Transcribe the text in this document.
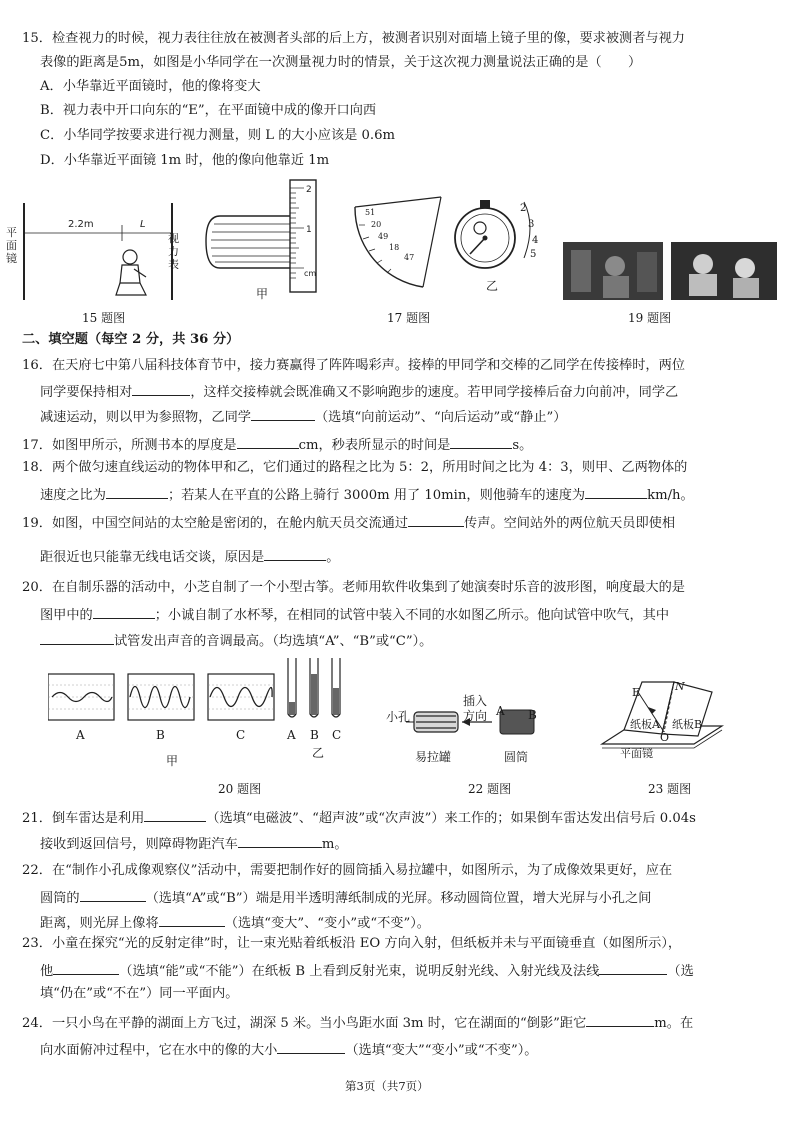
15．检查视力的时候，视力表往往放在被测者头部的后上方，被测者识别对面墙上镜子里的像，要求被测者与视力
表像的距离是5m，如图是小华同学在一次测量视力时的情景，关于这次视力测量说法正确的是（　　）
A．小华靠近平面镜时，他的像将变大
B．视力表中开口向东的“E”，在平面镜中成的像开口向西
C．小华同学按要求进行视力测量，则 L 的大小应该是 0.6m
D．小华靠近平面镜 1m 时，他的像向他靠近 1m
2.2m	L
平面镜
视力表
15 题图
2
1
cm
甲
51
20
49
18
47
2
3
4
5
乙
17 题图	19 题图
二、填空题（每空 2 分，共 36 分）
16．在天府七中第八届科技体育节中，接力赛赢得了阵阵喝彩声。接棒的甲同学和交棒的乙同学在传接棒时，两位
同学要保持相对	，这样交接棒就会既准确又不影响跑步的速度。若甲同学接棒后奋力向前冲，同学乙
减速运动，则以甲为参照物，乙同学	（选填“向前运动”、“向后运动”或“静止”）
17．如图甲所示，所测书本的厚度是	cm，秒表所显示的时间是	s。
18．两个做匀速直线运动的物体甲和乙，它们通过的路程之比为 5：2，所用时间之比为 4：3，则甲、乙两物体的
速度之比为	；若某人在平直的公路上骑行 3000m 用了 10min，则他骑车的速度为	km/h。
19．如图，中国空间站的太空舱是密闭的，在舱内航天员交流通过	传声。空间站外的两位航天员即使相
距很近也只能靠无线电话交谈，原因是	。
20．在自制乐器的活动中，小芝自制了一个小型古筝。老师用软件收集到了她演奏时乐音的波形图，响度最大的是
图甲中的	；小诚自制了水杯琴，在相同的试管中装入不同的水如图乙所示。他向试管中吹气，其中
试管发出声音的音调最高。（均选填“A”、“B”或“C”）。
A	B	C
甲
A B C
乙
小孔
插入
方向 A B
易拉罐	圆筒
E	N
纸板A 纸板B
O
平面镜
20 题图	22 题图	23 题图
21．倒车雷达是利用	（选填“电磁波”、“超声波”或“次声波”）来工作的；如果倒车雷达发出信号后 0.04s
接收到返回信号，则障碍物距汽车	m。
22．在“制作小孔成像观察仪”活动中，需要把制作好的圆筒插入易拉罐中，如图所示，为了成像效果更好，应在
圆筒的	（选填“A”或“B”）端是用半透明薄纸制成的光屏。移动圆筒位置，增大光屏与小孔之间
距离，则光屏上像将	（选填“变大”、“变小”或“不变”）。
23．小童在探究“光的反射定律”时，让一束光贴着纸板沿 EO 方向入射，但纸板并未与平面镜垂直（如图所示），
他	（选填“能”或“不能”）在纸板 B 上看到反射光束，说明反射光线、入射光线及法线	（选
填“仍在”或“不在”）同一平面内。
24．一只小鸟在平静的湖面上方飞过，湖深 5 米。当小鸟距水面 3m 时，它在湖面的“倒影”距它	m。在
向水面俯冲过程中，它在水中的像的大小	（选填“变大”“变小”或“不变”）。
第3页（共7页）
